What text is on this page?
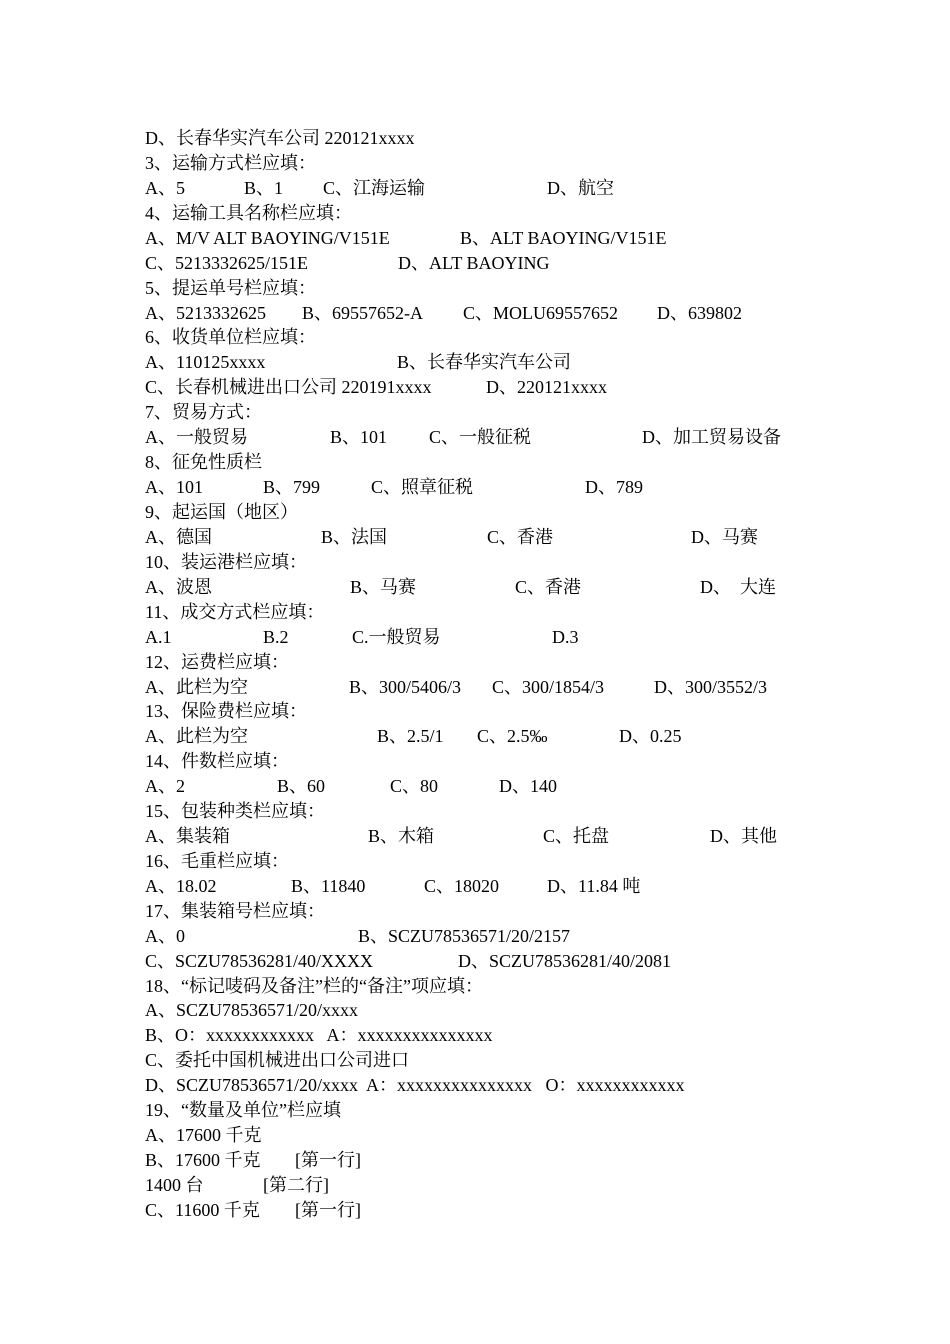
D、长春华实汽车公司 220121xxxx
3、运输方式栏应填：

A、5

	B、1

C、江海运输

	D、航空

4、运输工具名称栏应填：

A、M/V ALT BAOYING/V151E

	B、ALT BAOYING/V151E

C、5213332625/151E

	D、ALT BAOYING

5、提运单号栏应填：

A、5213332625

B、69557652-A

C、MOLU69557652

D、639802

6、收货单位栏应填：

A、110125xxxx

	B、长春华实汽车公司

C、长春机械进出口公司 220191xxxx

	D、220121xxxx

7、贸易方式：

A、一般贸易

	B、101

C、一般征税

	D、加工贸易设备

8、征免性质栏

A、101

	B、799

	C、照章征税

	D、789

9、起运国（地区）

A、德国

	B、法国

	C、香港

	D、马赛

10、装运港栏应填：

A、波恩

	B、马赛

	C、香港

	D、  大连

11、成交方式栏应填：

A.1

	B.2

	C.一般贸易

	D.3

12、运费栏应填：

A、此栏为空

	B、300/5406/3

C、300/1854/3

	D、300/3552/3

13、保险费栏应填：

A、此栏为空

	B、2.5/1

C、2.5‰

	D、0.25

14、件数栏应填：

A、2

	B、60

	C、80

	D、140

15、包装种类栏应填：

A、集装箱

	B、木箱

	C、托盘

	D、其他

16、毛重栏应填：

A、18.02

	B、11840

	C、18020

	D、11.84 吨

17、集装箱号栏应填：

A、0

	B、SCZU78536571/20/2157

C、SCZU78536281/40/XXXX

	D、SCZU78536281/40/2081

18、“标记唛码及备注”栏的“备注”项应填：
A、SCZU78536571/20/xxxx
B、O：xxxxxxxxxxxx   A：xxxxxxxxxxxxxxx
C、委托中国机械进出口公司进口
D、SCZU78536571/20/xxxx  A：xxxxxxxxxxxxxxx   O：xxxxxxxxxxxx
19、“数量及单位”栏应填
A、17600 千克

B、17600 千克

[第一行]

1400 台

	[第二行]

C、11600 千克

[第一行]
